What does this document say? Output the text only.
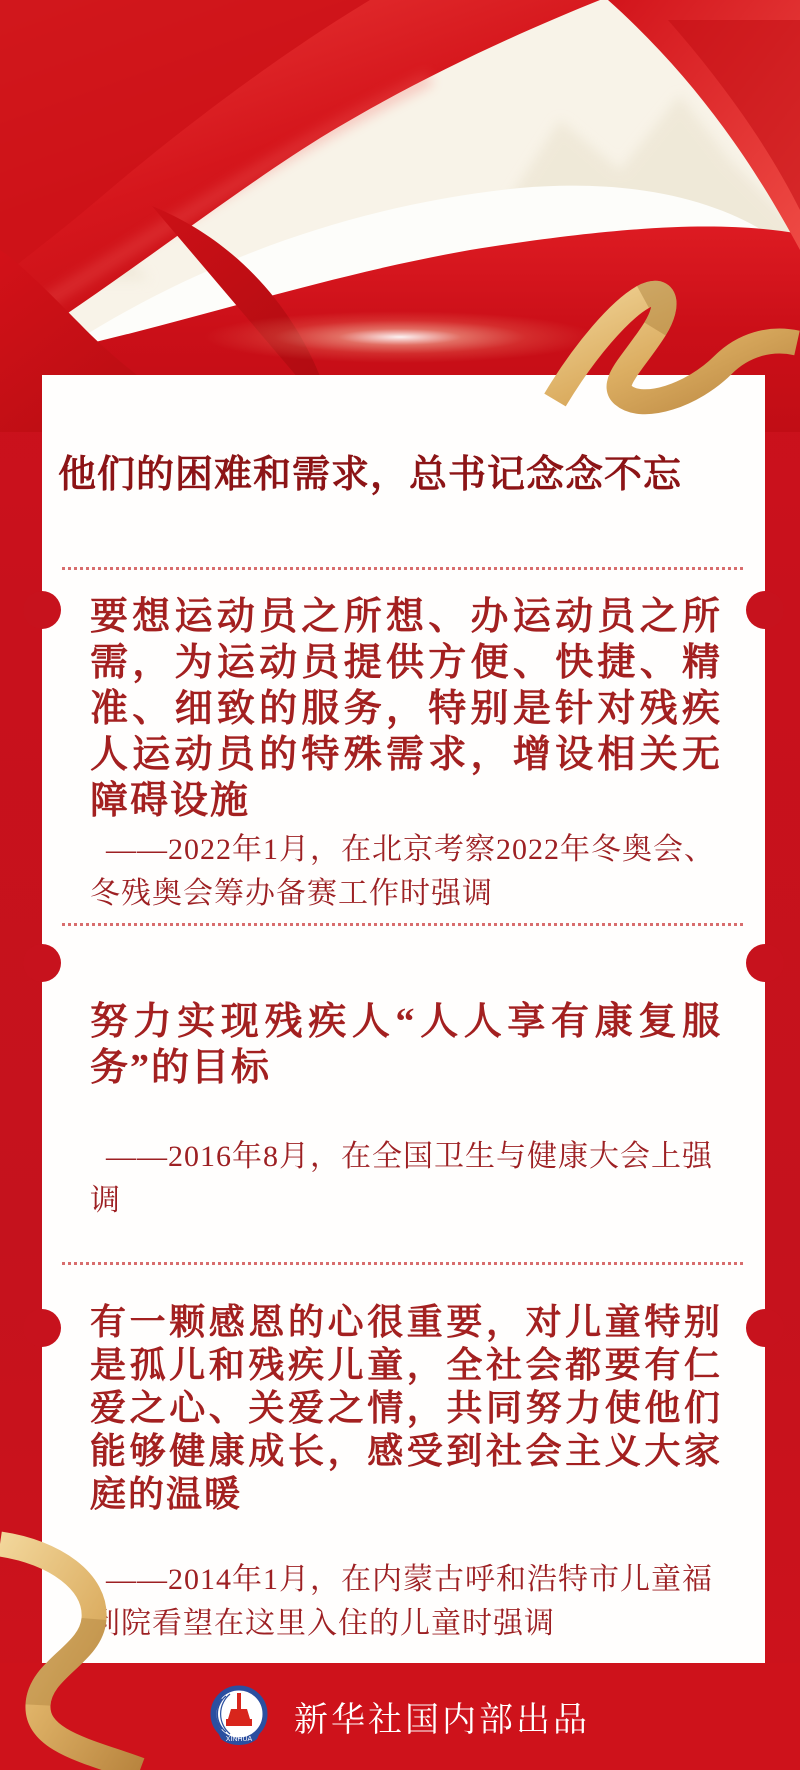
他们的困难和需求，总书记念念不忘
要想运动员之所想、办运动员之所需，为运动员提供方便、快捷、精准、细致的服务，特别是针对残疾人运动员的特殊需求，增设相关无障碍设施
——2022年1月，在北京考察2022年冬奥会、冬残奥会筹办备赛工作时强调
努力实现残疾人“人人享有康复服务”的目标
——2016年8月，在全国卫生与健康大会上强调
有一颗感恩的心很重要，对儿童特别是孤儿和残疾儿童，全社会都要有仁爱之心、关爱之情，共同努力使他们能够健康成长，感受到社会主义大家庭的温暖
——2014年1月，在内蒙古呼和浩特市儿童福利院看望在这里入住的儿童时强调
XINHUA 新华社国内部出品
